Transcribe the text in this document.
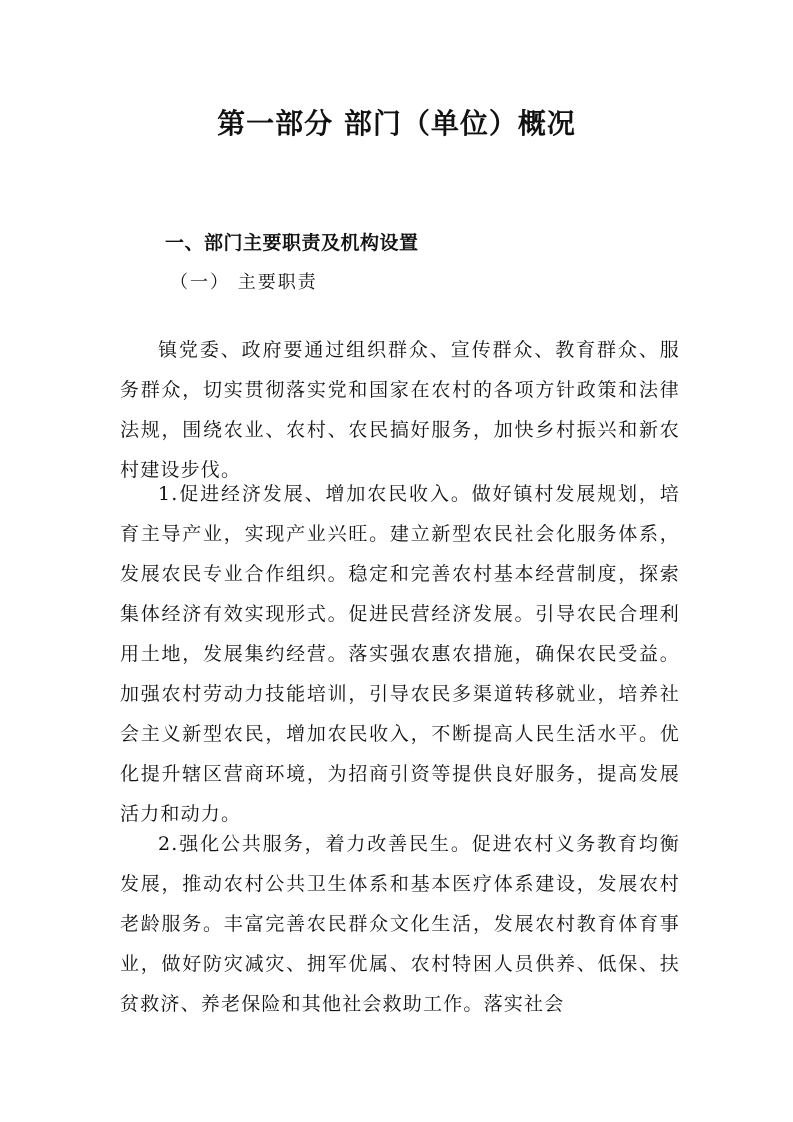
第一部分 部门（单位）概况
一、部门主要职责及机构设置
（一） 主要职责

镇党委、政府要通过组织群众、宣传群众、教育群众、服务群众，切实贯彻落实党和国家在农村的各项方针政策和法律法规，围绕农业、农村、农民搞好服务，加快乡村振兴和新农村建设步伐。

1.促进经济发展、增加农民收入。做好镇村发展规划，培育主导产业，实现产业兴旺。建立新型农民社会化服务体系，发展农民专业合作组织。稳定和完善农村基本经营制度，探索集体经济有效实现形式。促进民营经济发展。引导农民合理利用土地，发展集约经营。落实强农惠农措施，确保农民受益。加强农村劳动力技能培训，引导农民多渠道转移就业，培养社会主义新型农民，增加农民收入，不断提高人民生活水平。优化提升辖区营商环境，为招商引资等提供良好服务，提高发展活力和动力。

2.强化公共服务，着力改善民生。促进农村义务教育均衡发展，推动农村公共卫生体系和基本医疗体系建设，发展农村老龄服务。丰富完善农民群众文化生活，发展农村教育体育事业，做好防灾减灾、拥军优属、农村特困人员供养、低保、扶贫救济、养老保险和其他社会救助工作。落实社会
